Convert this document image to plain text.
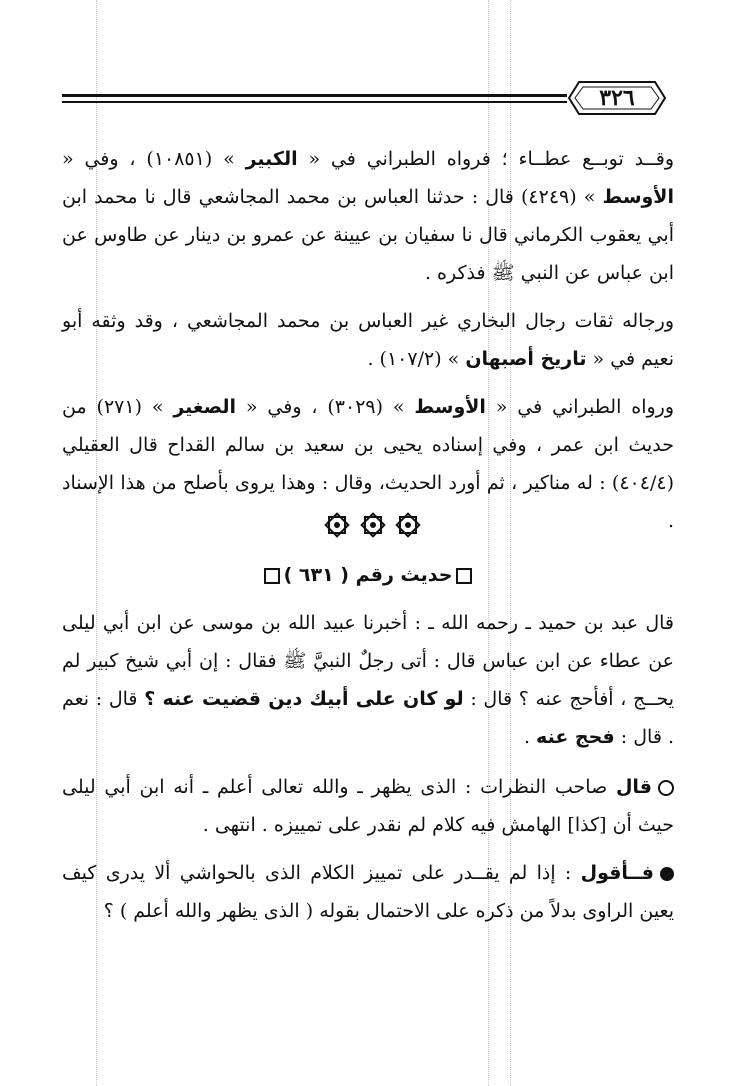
٣٢٦

وقــد توبــع عطــاء ؛ فرواه الطبراني في « الكبير » (١٠٨٥١) ، وفي « الأوسط » (٤٢٤٩) قال : حدثنا العباس بن محمد المجاشعي قال نا محمد ابن أبي يعقوب الكرماني قال نا سفيان بن عيينة عن عمرو بن دينار عن طاوس عن ابن عباس عن النبي ﷺ فذكره .

ورجاله ثقات رجال البخاري غير العباس بن محمد المجاشعي ، وقد وثقه أبو نعيم في « تاريخ أصبهان » (١٠٧/٢) .

ورواه الطبراني في « الأوسط » (٣٠٢٩) ، وفي « الصغير » (٢٧١) من حديث ابن عمر ، وفي إسناده يحيى بن سعيد بن سالم القداح قال العقيلي (٤٠٤/٤) : له مناكير ، ثم أورد الحديث، وقال : وهذا يروى بأصلح من هذا الإسناد .

حديث رقم ( ٦٣١ )

قال عبد بن حميد ـ رحمه الله ـ : أخبرنا عبيد الله بن موسى عن ابن أبي ليلى عن عطاء عن ابن عباس قال : أتى رجلٌ النبيَّ ﷺ فقال : إن أبي شيخ كبير لم يحــج ، أفأحج عنه ؟ قال : لو كان على أبيك دين قضيت عنه ؟ قال : نعم . قال : فحج عنه .

قال صاحب النظرات : الذى يظهر ـ والله تعالى أعلم ـ أنه ابن أبي ليلى حيث أن [كذا] الهامش فيه كلام لم نقدر على تمييزه . انتهى .

فــأقول : إذا لم يقــدر على تمييز الكلام الذى بالحواشي ألا يدرى كيف يعين الراوى بدلاً من ذكره على الاحتمال بقوله ( الذى يظهر والله أعلم ) ؟
